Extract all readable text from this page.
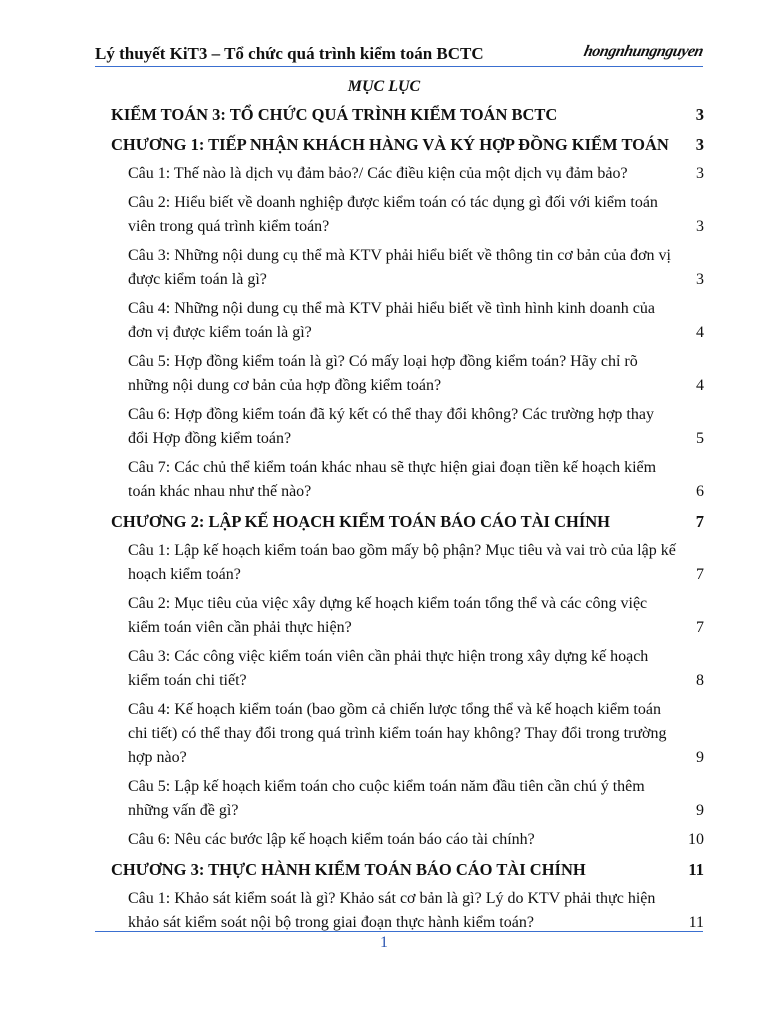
Lý thuyết KiT3 – Tổ chức quá trình kiểm toán BCTC	hongnhungnguyen
MỤC LỤC
KIỂM TOÁN 3: TỔ CHỨC QUÁ TRÌNH KIỂM TOÁN BCTC	3
CHƯƠNG 1: TIẾP NHẬN KHÁCH HÀNG VÀ KÝ HỢP ĐỒNG KIỂM TOÁN	3
Câu 1: Thế nào là dịch vụ đảm bảo?/ Các điều kiện của một dịch vụ đảm bảo?	3
Câu 2: Hiểu biết về doanh nghiệp được kiểm toán có tác dụng gì đối với kiểm toán viên trong quá trình kiểm toán?	3
Câu 3: Những nội dung cụ thể mà KTV phải hiểu biết về thông tin cơ bản của đơn vị được kiểm toán là gì?	3
Câu 4: Những nội dung cụ thể mà KTV phải hiểu biết về tình hình kinh doanh của đơn vị được kiểm toán là gì?	4
Câu 5: Hợp đồng kiểm toán là gì? Có mấy loại hợp đồng kiểm toán? Hãy chỉ rõ những nội dung cơ bản của hợp đồng kiểm toán?	4
Câu 6: Hợp đồng kiểm toán đã ký kết có thể thay đổi không? Các trường hợp thay đổi Hợp đồng kiểm toán?	5
Câu 7: Các chủ thể kiểm toán khác nhau sẽ thực hiện giai đoạn tiền kế hoạch kiểm toán khác nhau như thế nào?	6
CHƯƠNG 2: LẬP KẾ HOẠCH KIỂM TOÁN BÁO CÁO TÀI CHÍNH	7
Câu 1: Lập kế hoạch kiểm toán bao gồm mấy bộ phận? Mục tiêu và vai trò của lập kế hoạch kiểm toán?	7
Câu 2: Mục tiêu của việc xây dựng kế hoạch kiểm toán tổng thể và các công việc kiểm toán viên cần phải thực hiện?	7
Câu 3: Các công việc kiểm toán viên cần phải thực hiện trong xây dựng kế hoạch kiểm toán chi tiết?	8
Câu 4: Kế hoạch kiểm toán (bao gồm cả chiến lược tổng thể và kế hoạch kiểm toán chi tiết) có thể thay đổi trong quá trình kiểm toán hay không? Thay đổi trong trường hợp nào?	9
Câu 5: Lập kế hoạch kiểm toán cho cuộc kiểm toán năm đầu tiên cần chú ý thêm những vấn đề gì?	9
Câu 6: Nêu các bước lập kế hoạch kiểm toán báo cáo tài chính?	10
CHƯƠNG 3: THỰC HÀNH KIỂM TOÁN BÁO CÁO TÀI CHÍNH	11
Câu 1: Khảo sát kiểm soát là gì? Khảo sát cơ bản là gì? Lý do KTV phải thực hiện khảo sát kiểm soát nội bộ trong giai đoạn thực hành kiểm toán?	11
1
